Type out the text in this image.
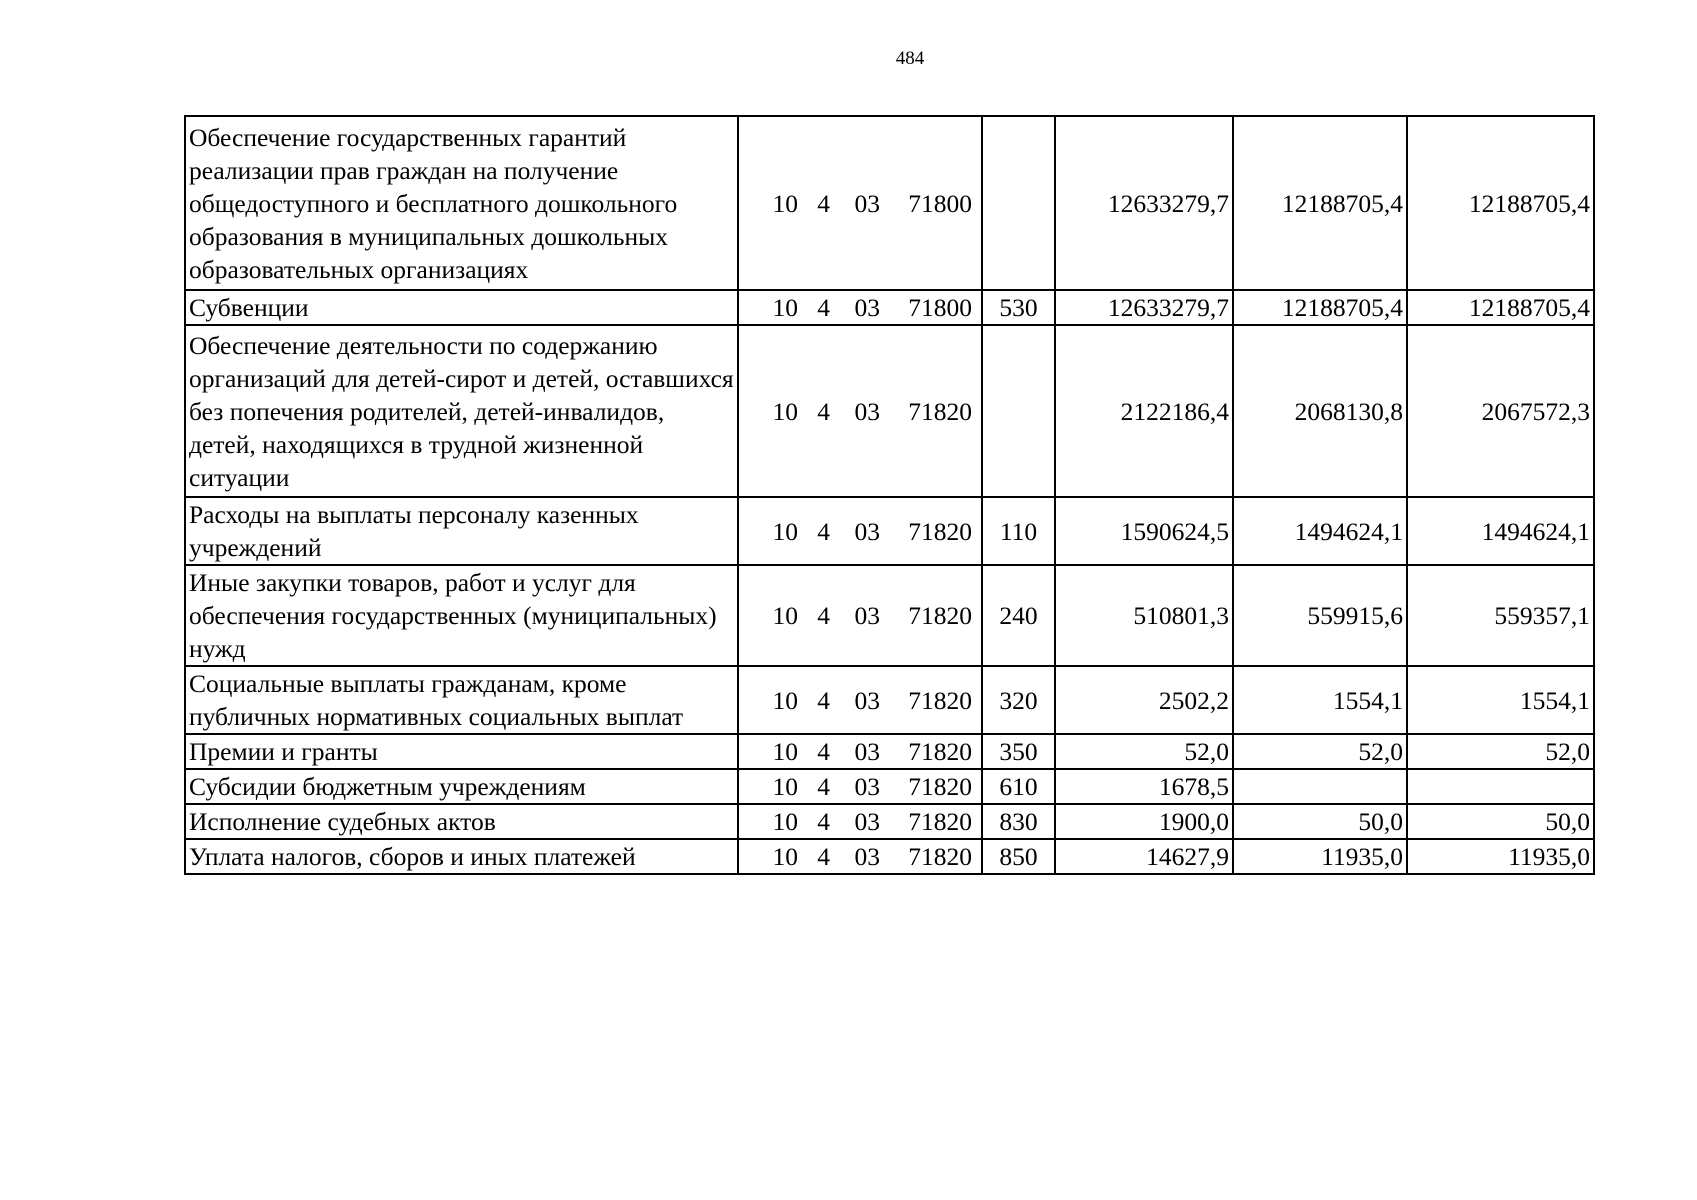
484
Обеспечение государственных гарантий реализации прав граждан на получение общедоступного и бесплатного дошкольного образования в муниципальных дошкольных образовательных организациях	10 4 03 71800		12633279,7	12188705,4	12188705,4
Субвенции	10 4 03 71800	530	12633279,7	12188705,4	12188705,4
Обеспечение деятельности по содержанию организаций для детей-сирот и детей, оставшихся без попечения родителей, детей-инвалидов, детей, находящихся в трудной жизненной ситуации	10 4 03 71820		2122186,4	2068130,8	2067572,3
Расходы на выплаты персоналу казенных учреждений	10 4 03 71820	110	1590624,5	1494624,1	1494624,1
Иные закупки товаров, работ и услуг для обеспечения государственных (муниципальных) нужд	10 4 03 71820	240	510801,3	559915,6	559357,1
Социальные выплаты гражданам, кроме публичных нормативных социальных выплат	10 4 03 71820	320	2502,2	1554,1	1554,1
Премии и гранты	10 4 03 71820	350	52,0	52,0	52,0
Субсидии бюджетным учреждениям	10 4 03 71820	610	1678,5		
Исполнение судебных актов	10 4 03 71820	830	1900,0	50,0	50,0
Уплата налогов, сборов и иных платежей	10 4 03 71820	850	14627,9	11935,0	11935,0
